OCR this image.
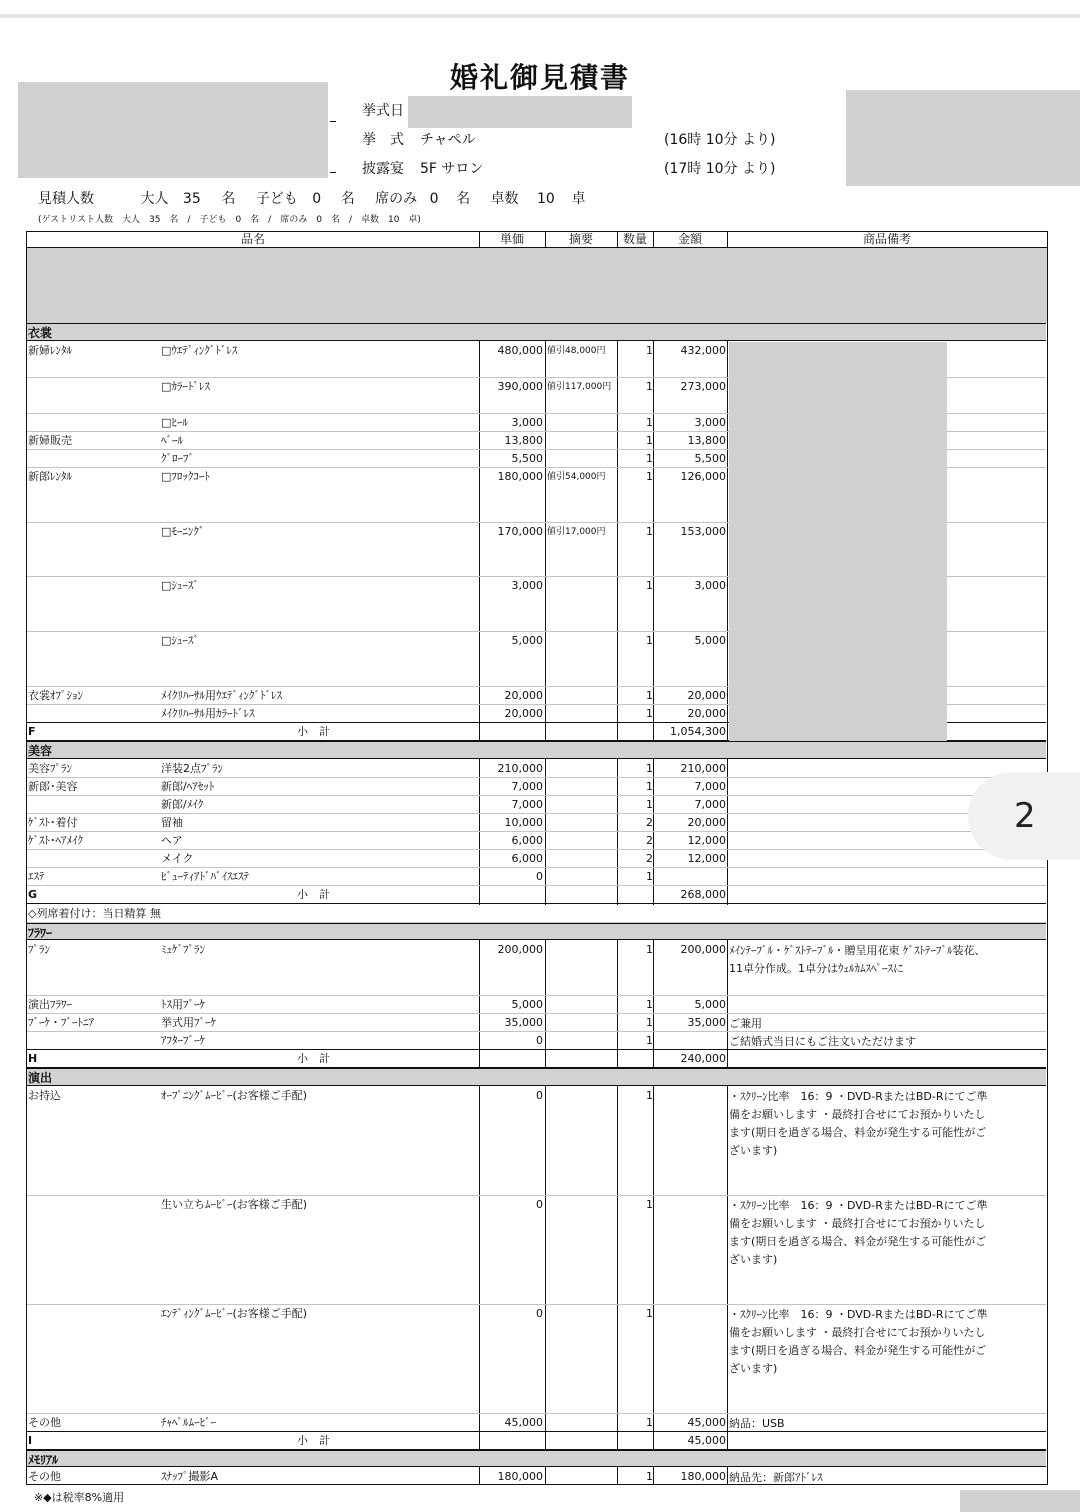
婚礼御見積書
挙式日
挙　式 チャペル	(16時 10分 より)
披露宴 5F サロン	(17時 10分 より)
見積人数	大人 35 名 子ども 0 名 席のみ 0 名 卓数 10 卓
(ゲストリスト人数　大人　35　名　/　子ども　0　名　/　席のみ　0　名　/　卓数　10　卓)
品名	単価	摘要	数量	金額	商品備考
衣裳
新婦ﾚﾝﾀﾙ	□ｳｴﾃﾞｨﾝｸﾞﾄﾞﾚｽ	480,000 値引48,000円	1	432,000
□ｶﾗｰﾄﾞﾚｽ	390,000 値引117,000円	1	273,000
□ﾋｰﾙ	3,000	1	3,000
新婦販売	ﾍﾞｰﾙ	13,800	1	13,800
ｸﾞﾛｰﾌﾞ	5,500	1	5,500
新郎ﾚﾝﾀﾙ	□ﾌﾛｯｸｺｰﾄ	180,000 値引54,000円	1	126,000
□ﾓｰﾆﾝｸﾞ	170,000 値引17,000円	1	153,000
□ｼｭｰｽﾞ	3,000	1	3,000
□ｼｭｰｽﾞ	5,000	1	5,000
衣裳ｵﾌﾟｼｮﾝ	ﾒｲｸﾘﾊｰｻﾙ用ｳｴﾃﾞｨﾝｸﾞﾄﾞﾚｽ	20,000	1	20,000
ﾒｲｸﾘﾊｰｻﾙ用ｶﾗｰﾄﾞﾚｽ	20,000	1	20,000
F	小　計	1,054,300
美容
美容ﾌﾟﾗﾝ	洋装2点ﾌﾟﾗﾝ	210,000	1	210,000
新郎･美容	新郎/ﾍｱｾｯﾄ	7,000	1	7,000
新郎/ﾒｲｸ	7,000	1	7,000
ｹﾞｽﾄ･着付	留袖	10,000	2	20,000
ｹﾞｽﾄ･ﾍｱﾒｲｸ	ヘア	6,000	2	12,000
メイク	6,000	2	12,000
ｴｽﾃ	ﾋﾞｭｰﾃｨｱﾄﾞﾊﾞｲｽｴｽﾃ	0	1
G	小　計	268,000
◇列席着付け：当日精算 無
ﾌﾗﾜｰ
ﾌﾟﾗﾝ	ﾐｭｹﾞﾌﾟﾗﾝ	200,000	1	200,000 ﾒｲﾝﾃｰﾌﾞﾙ・ｹﾞｽﾄﾃｰﾌﾞﾙ・贈呈用花束 ｹﾞｽﾄﾃｰﾌﾞﾙ装花、11卓分作成。1卓分はｳｪﾙｶﾑｽﾍﾟｰｽに
演出ﾌﾗﾜｰ	ﾄｽ用ﾌﾞｰｹ	5,000	1	5,000
ﾌﾞｰｹ・ﾌﾞｰﾄﾆｱ	挙式用ﾌﾞｰｹ	35,000	1	35,000 ご兼用
ｱﾌﾀｰﾌﾞｰｹ	0	1	ご結婚式当日にもご注文いただけます
H	小　計	240,000
演出
お持込	ｵｰﾌﾟﾆﾝｸﾞﾑｰﾋﾞｰ(お客様ご手配)	0	1	・ｽｸﾘｰﾝ比率　16：9 ・DVD-RまたはBD-Rにてご準備をお願いします ・最終打合せにてお預かりいたします(期日を過ぎる場合、料金が発生する可能性がございます)
生い立ちﾑｰﾋﾞｰ(お客様ご手配)	0	1	・ｽｸﾘｰﾝ比率　16：9 ・DVD-RまたはBD-Rにてご準備をお願いします ・最終打合せにてお預かりいたします(期日を過ぎる場合、料金が発生する可能性がございます)
ｴﾝﾃﾞｨﾝｸﾞﾑｰﾋﾞｰ(お客様ご手配)	0	1	・ｽｸﾘｰﾝ比率　16：9 ・DVD-RまたはBD-Rにてご準備をお願いします ・最終打合せにてお預かりいたします(期日を過ぎる場合、料金が発生する可能性がございます)
その他	ﾁｬﾍﾟﾙﾑｰﾋﾞｰ	45,000	1	45,000 納品：USB
I	小　計	45,000
ﾒﾓﾘｱﾙ
その他	ｽﾅｯﾌﾟ撮影A	180,000	1	180,000 納品先：新郎ｱﾄﾞﾚｽ
※◆は税率8%適用
2
